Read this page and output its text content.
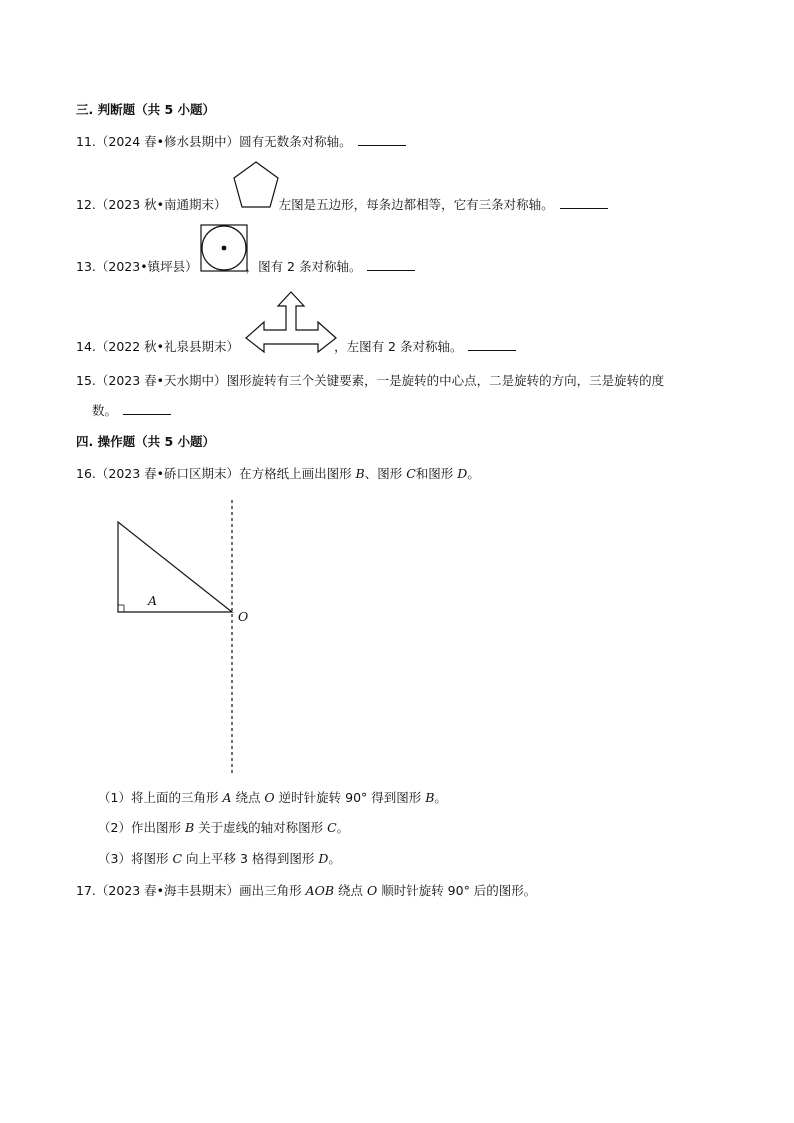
三. 判断题（共 5 小题）
11.（2024 春•修水县期中）圆有无数条对称轴。
12.（2023 秋•南通期末）	左图是五边形，每条边都相等，它有三条对称轴。
13.（2023•镇坪县）	，图有 2 条对称轴。
14.（2022 秋•礼泉县期末）	，左图有 2 条对称轴。
15.（2023 春•天水期中）图形旋转有三个关键要素，一是旋转的中心点，二是旋转的方向，三是旋转的度
数。
四. 操作题（共 5 小题）
16.（2023 春•硚口区期末）在方格纸上画出图形 B、图形 C和图形 D。
A
O
（1）将上面的三角形 A 绕点 O 逆时针旋转 90° 得到图形 B。
（2）作出图形 B 关于虚线的轴对称图形 C。
（3）将图形 C 向上平移 3 格得到图形 D。
17.（2023 春•海丰县期末）画出三角形 AOB 绕点 O 顺时针旋转 90° 后的图形。
